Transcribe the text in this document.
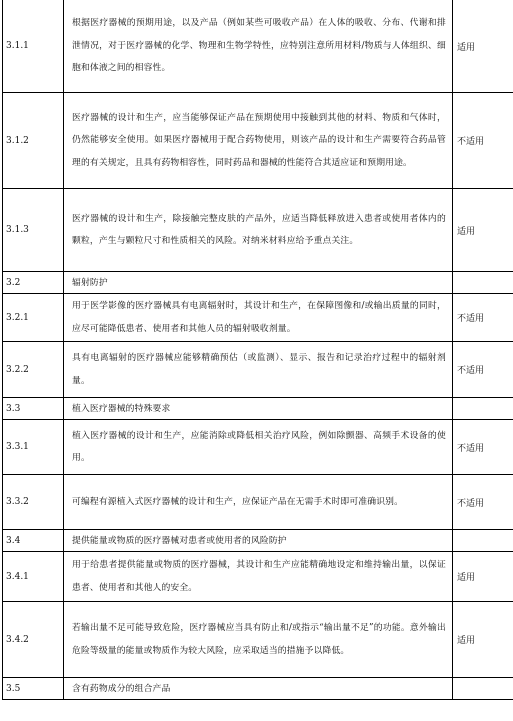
3.1.1	根据医疗器械的预期用途，以及产品（例如某些可吸收产品）在人体的吸收、分布、代谢和排泄情况，对于医疗器械的化学、物理和生物学特性，应特别注意所用材料/物质与人体组织、细胞和体液之间的相容性。	适用
3.1.2	医疗器械的设计和生产，应当能够保证产品在预期使用中接触到其他的材料、物质和气体时，仍然能够安全使用。如果医疗器械用于配合药物使用，则该产品的设计和生产需要符合药品管理的有关规定，且具有药物相容性，同时药品和器械的性能符合其适应证和预期用途。	不适用
3.1.3	医疗器械的设计和生产，除接触完整皮肤的产品外，应适当降低释放进入患者或使用者体内的颗粒，产生与颗粒尺寸和性质相关的风险。对纳米材料应给予重点关注。	适用
3.2	辐射防护	
3.2.1	用于医学影像的医疗器械具有电离辐射时，其设计和生产，在保障图像和/或输出质量的同时，应尽可能降低患者、使用者和其他人员的辐射吸收剂量。	不适用
3.2.2	具有电离辐射的医疗器械应能够精确预估（或监测）、显示、报告和记录治疗过程中的辐射剂量。	不适用
3.3	植入医疗器械的特殊要求	
3.3.1	植入医疗器械的设计和生产，应能消除或降低相关治疗风险，例如除颤器、高频手术设备的使用。	不适用
3.3.2	可编程有源植入式医疗器械的设计和生产，应保证产品在无需手术时即可准确识别。	不适用
3.4	提供能量或物质的医疗器械对患者或使用者的风险防护	
3.4.1	用于给患者提供能量或物质的医疗器械，其设计和生产应能精确地设定和维持输出量，以保证患者、使用者和其他人的安全。	适用
3.4.2	若输出量不足可能导致危险，医疗器械应当具有防止和/或指示“输出量不足”的功能。意外输出危险等级量的能量或物质作为较大风险，应采取适当的措施予以降低。	适用
3.5	含有药物成分的组合产品	
